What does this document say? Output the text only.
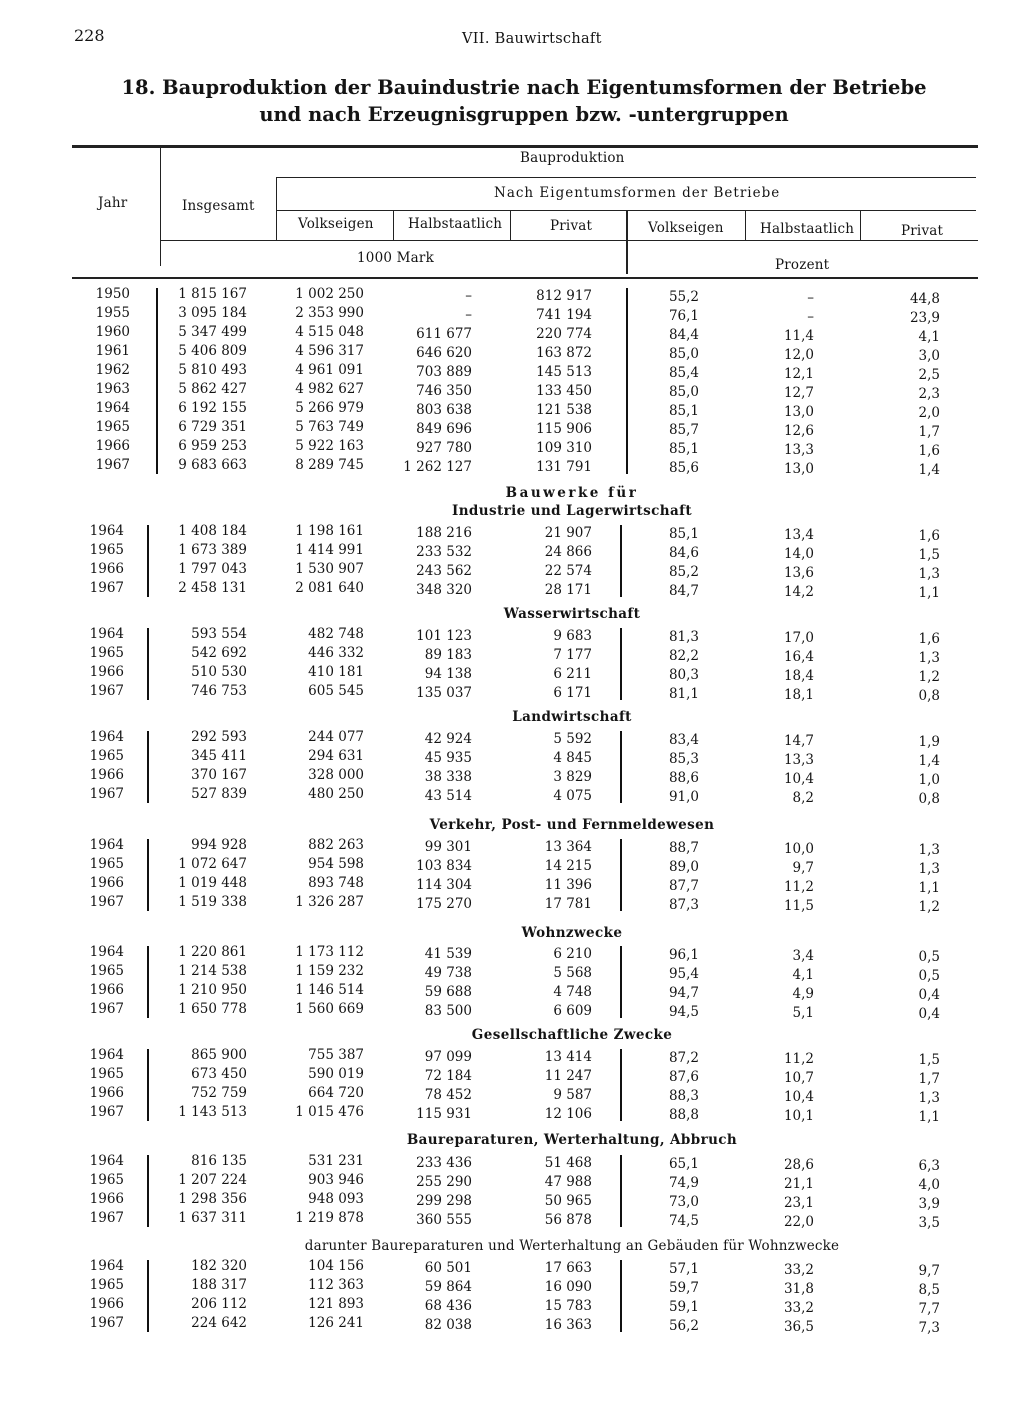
228	VII. Bauwirtschaft
18. Bauproduktion der Bauindustrie nach Eigentumsformen der Betriebe
und nach Erzeugnisgruppen bzw. -untergruppen
Bauproduktion
Nach Eigentumsformen der Betriebe
Jahr	Insgesamt
Volkseigen	Halbstaatlich	Privat	Volkseigen	Halbstaatlich	Privat
1000 Mark	Prozent
1950	1 815 167	1 002 250	–	812 917	55,2	–	44,8
1955	3 095 184	2 353 990	–	741 194	76,1	–	23,9
1960	5 347 499	4 515 048	611 677	220 774	84,4	11,4	4,1
1961	5 406 809	4 596 317	646 620	163 872	85,0	12,0	3,0
1962	5 810 493	4 961 091	703 889	145 513	85,4	12,1	2,5
1963	5 862 427	4 982 627	746 350	133 450	85,0	12,7	2,3
1964	6 192 155	5 266 979	803 638	121 538	85,1	13,0	2,0
1965	6 729 351	5 763 749	849 696	115 906	85,7	12,6	1,7
1966	6 959 253	5 922 163	927 780	109 310	85,1	13,3	1,6
1967	9 683 663	8 289 745	1 262 127	131 791	85,6	13,0	1,4
Bauwerke für
Industrie und Lagerwirtschaft
1964	1 408 184	1 198 161	188 216	21 907	85,1	13,4	1,6
1965	1 673 389	1 414 991	233 532	24 866	84,6	14,0	1,5
1966	1 797 043	1 530 907	243 562	22 574	85,2	13,6	1,3
1967	2 458 131	2 081 640	348 320	28 171	84,7	14,2	1,1
Wasserwirtschaft
1964	593 554	482 748	101 123	9 683	81,3	17,0	1,6
1965	542 692	446 332	89 183	7 177	82,2	16,4	1,3
1966	510 530	410 181	94 138	6 211	80,3	18,4	1,2
1967	746 753	605 545	135 037	6 171	81,1	18,1	0,8
Landwirtschaft
1964	292 593	244 077	42 924	5 592	83,4	14,7	1,9
1965	345 411	294 631	45 935	4 845	85,3	13,3	1,4
1966	370 167	328 000	38 338	3 829	88,6	10,4	1,0
1967	527 839	480 250	43 514	4 075	91,0	8,2	0,8
Verkehr, Post- und Fernmeldewesen
1964	994 928	882 263	99 301	13 364	88,7	10,0	1,3
1965	1 072 647	954 598	103 834	14 215	89,0	9,7	1,3
1966	1 019 448	893 748	114 304	11 396	87,7	11,2	1,1
1967	1 519 338	1 326 287	175 270	17 781	87,3	11,5	1,2
Wohnzwecke
1964	1 220 861	1 173 112	41 539	6 210	96,1	3,4	0,5
1965	1 214 538	1 159 232	49 738	5 568	95,4	4,1	0,5
1966	1 210 950	1 146 514	59 688	4 748	94,7	4,9	0,4
1967	1 650 778	1 560 669	83 500	6 609	94,5	5,1	0,4
Gesellschaftliche Zwecke
1964	865 900	755 387	97 099	13 414	87,2	11,2	1,5
1965	673 450	590 019	72 184	11 247	87,6	10,7	1,7
1966	752 759	664 720	78 452	9 587	88,3	10,4	1,3
1967	1 143 513	1 015 476	115 931	12 106	88,8	10,1	1,1
Baureparaturen, Werterhaltung, Abbruch
1964	816 135	531 231	233 436	51 468	65,1	28,6	6,3
1965	1 207 224	903 946	255 290	47 988	74,9	21,1	4,0
1966	1 298 356	948 093	299 298	50 965	73,0	23,1	3,9
1967	1 637 311	1 219 878	360 555	56 878	74,5	22,0	3,5
darunter Baureparaturen und Werterhaltung an Gebäuden für Wohnzwecke
1964	182 320	104 156	60 501	17 663	57,1	33,2	9,7
1965	188 317	112 363	59 864	16 090	59,7	31,8	8,5
1966	206 112	121 893	68 436	15 783	59,1	33,2	7,7
1967	224 642	126 241	82 038	16 363	56,2	36,5	7,3
